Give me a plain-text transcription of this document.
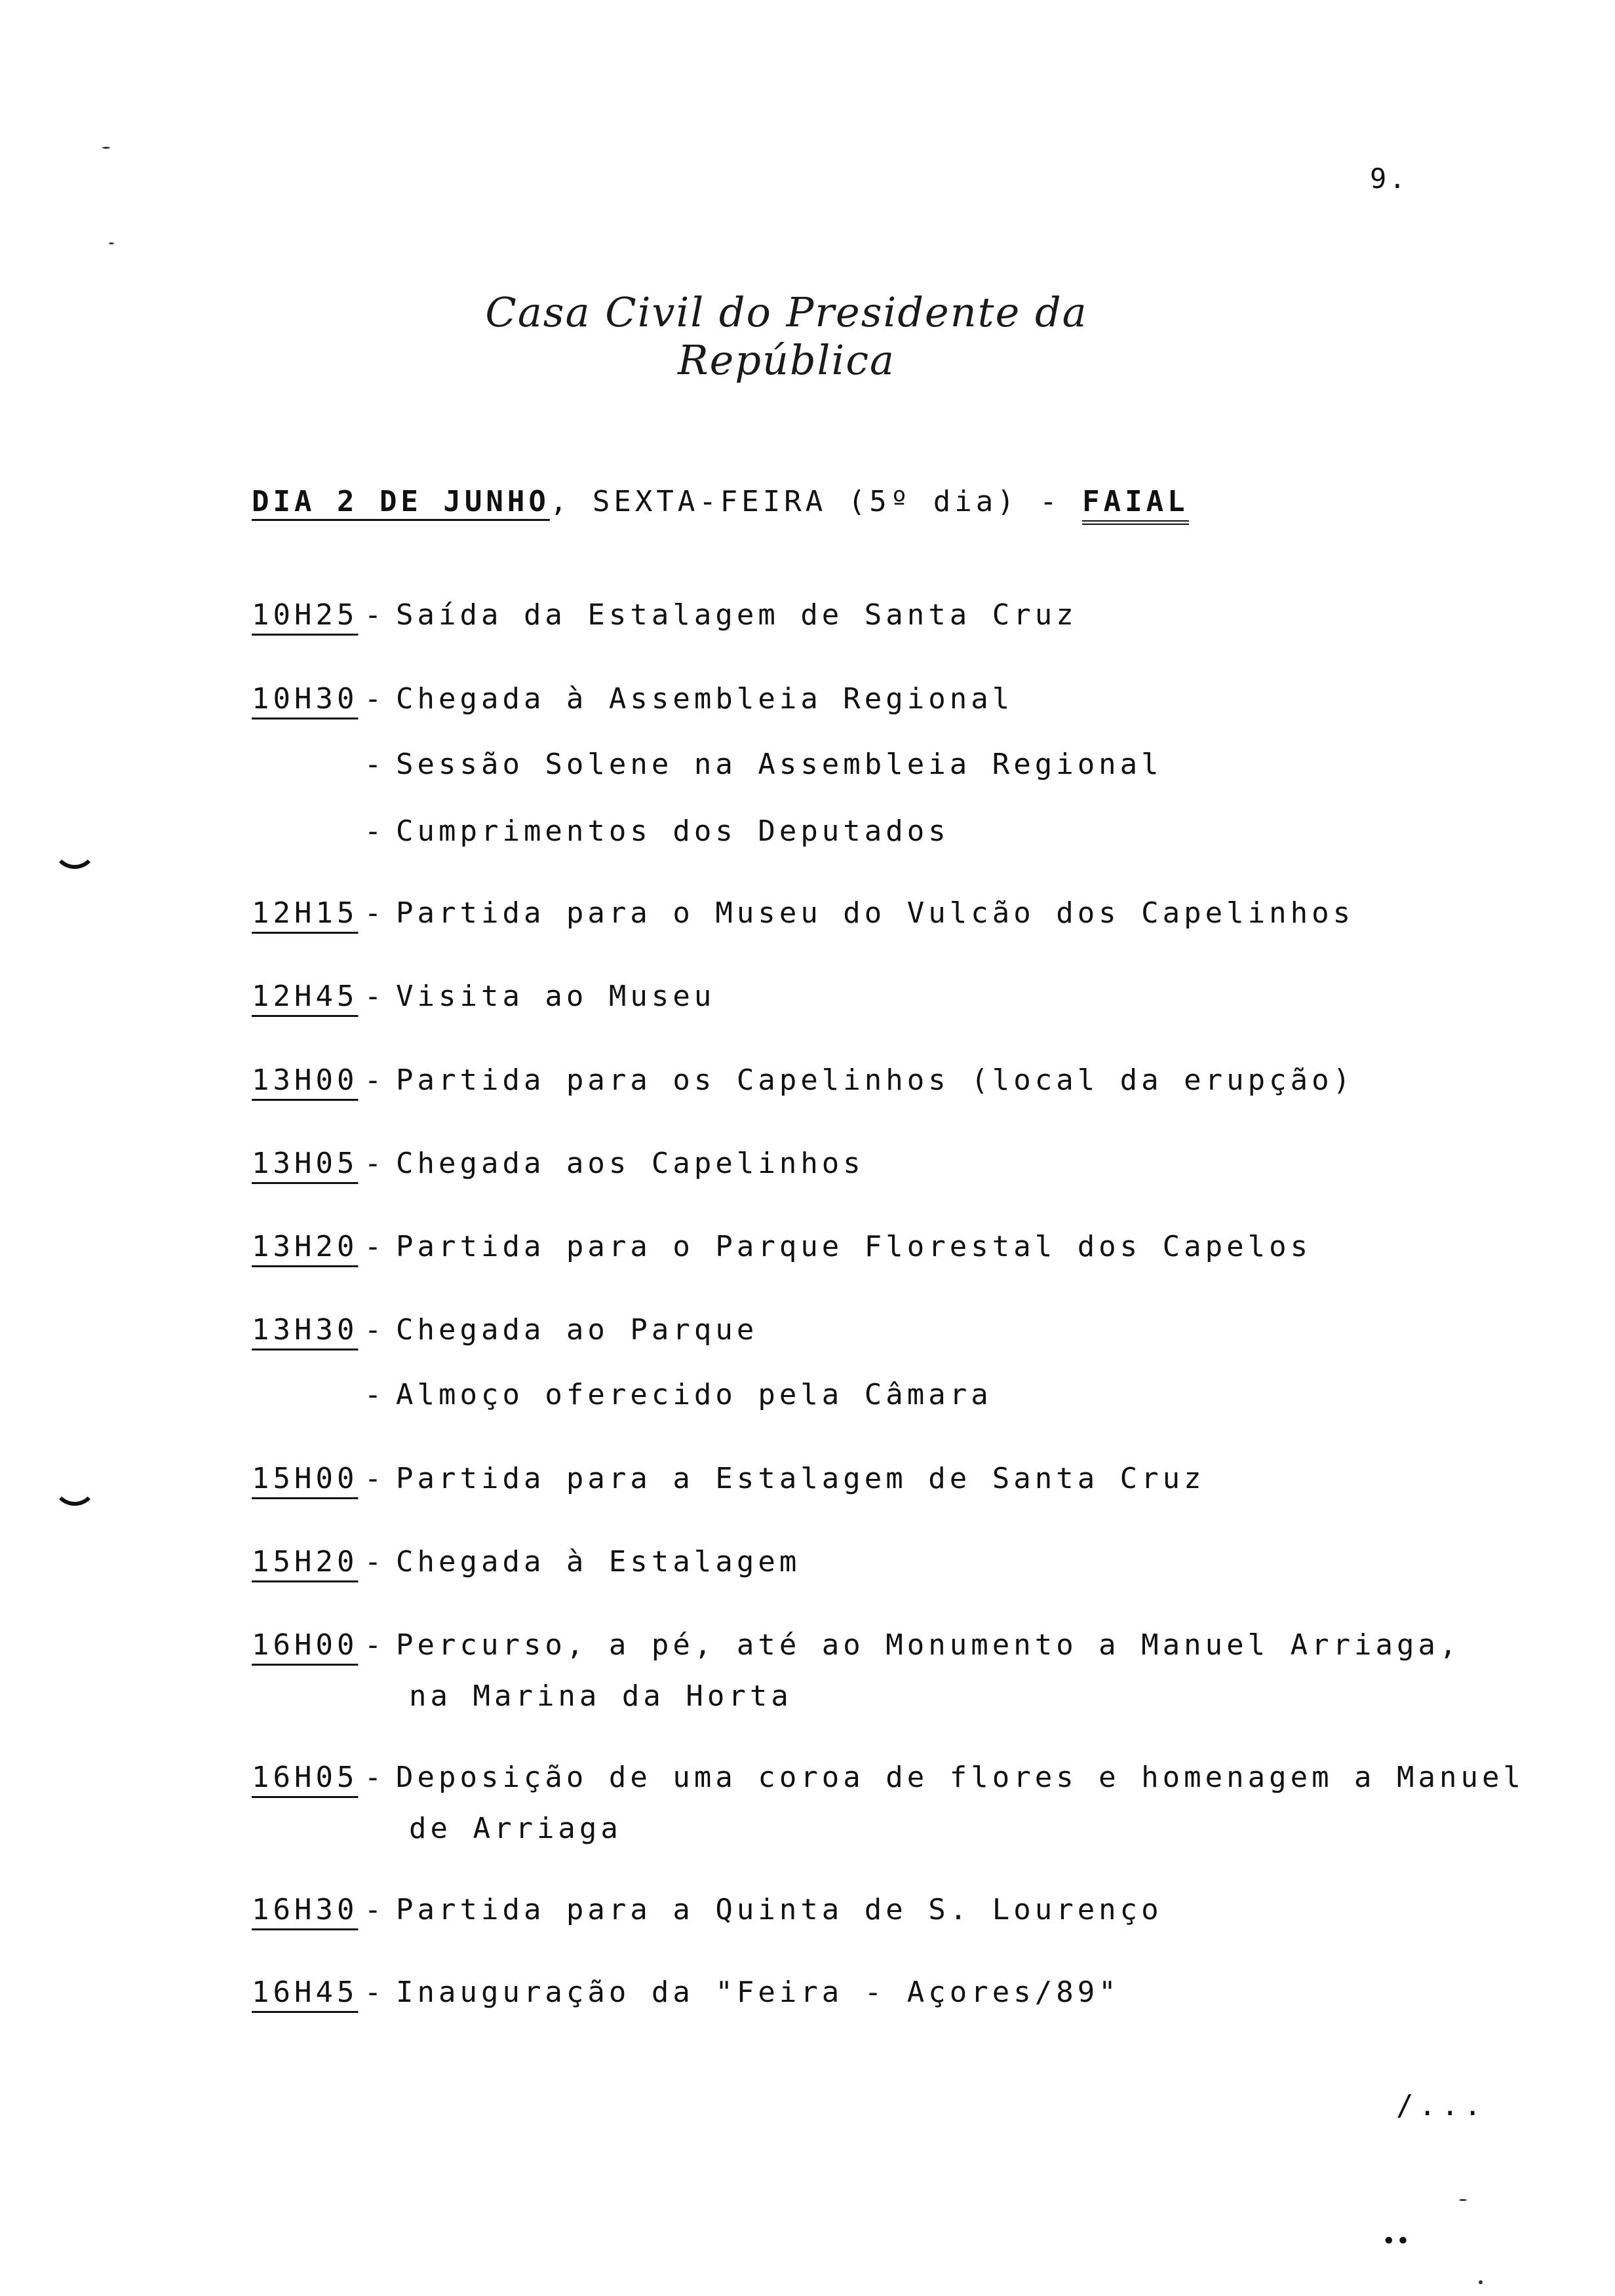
9.
Casa Civil do Presidente da República
DIA 2 DE JUNHO, SEXTA-FEIRA (5º dia) - FAIAL
10H25 - Saída da Estalagem de Santa Cruz
10H30 - Chegada à Assembleia Regional
- Sessão Solene na Assembleia Regional
- Cumprimentos dos Deputados
12H15 - Partida para o Museu do Vulcão dos Capelinhos
12H45 - Visita ao Museu
13H00 - Partida para os Capelinhos (local da erupção)
13H05 - Chegada aos Capelinhos
13H20 - Partida para o Parque Florestal dos Capelos
13H30 - Chegada ao Parque
- Almoço oferecido pela Câmara
15H00 - Partida para a Estalagem de Santa Cruz
15H20 - Chegada à Estalagem
16H00 - Percurso, a pé, até ao Monumento a Manuel Arriaga,
na Marina da Horta
16H05 - Deposição de uma coroa de flores e homenagem a Manuel
de Arriaga
16H30 - Partida para a Quinta de S. Lourenço
16H45 - Inauguração da "Feira - Açores/89"
/...
••
